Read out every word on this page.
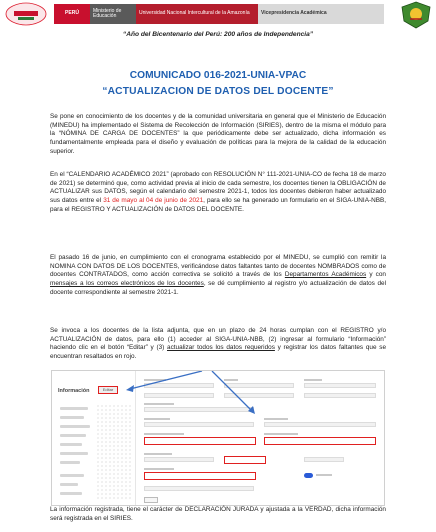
PERÚ	Ministerio de Educación	Universidad Nacional Intercultural de la Amazonía	Vicepresidencia Académica
“Año del Bicentenario del Perú: 200 años de Independencia”
COMUNICADO 016-2021-UNIA-VPAC
“ACTUALIZACION DE DATOS DEL DOCENTE”

Se pone en conocimiento de los docentes y de la comunidad universitaria en general que el Ministerio de Educación (MINEDU) ha implementado el Sistema de Recolección de Información (SIRIES), dentro de la misma el módulo para la “NÓMINA DE CARGA DE DOCENTES” la que periódicamente debe ser actualizado, dicha información es fundamentalmente empleada para el diseño y evaluación de políticas para la mejora de la calidad de la educación superior.

En el “CALENDARIO ACADÉMICO 2021” (aprobado con RESOLUCIÓN N° 111-2021-UNIA-CO de fecha 18 de marzo de 2021) se determinó que, como actividad previa al inicio de cada semestre, los docentes tienen la OBLIGACIÓN de ACTUALIZAR sus DATOS, según el calendario del semestre 2021-1, todos los docentes debieron haber actualizado sus datos entre el 31 de mayo al 04 de junio de 2021, para ello se ha generado un formulario en el SIGA-UNIA-NBB, para el REGISTRO Y ACTUALIZACIÓN de DATOS DEL DOCENTE.

El pasado 16 de junio, en cumplimiento con el cronograma establecido por el MINEDU, se cumplió con remitir la NOMINA CON DATOS DE LOS DOCENTES, verificándose datos faltantes tanto de docentes NOMBRADOS como de docentes CONTRATADOS, como acción correctiva se solicitó a través de los Departamentos Académicos y con mensajes a los correos electrónicos de los docentes, se dé cumplimiento al registro y/o actualización de datos del docente correspondiente al semestre 2021-1.

Se invoca a los docentes de la lista adjunta, que en un plazo de 24 horas cumplan con el REGISTRO y/o ACTUALIZACIÓN de datos, para ello (1) acceder al SIGA-UNIA-NBB, (2) ingresar al formulario “Información” haciendo clic en el botón “Editar” y (3) actualizar todos los datos requeridos y registrar los datos faltantes que se encuentran resaltados en rojo.

Información	Editar

La información registrada, tiene el carácter de DECLARACIÓN JURADA y ajustada a la VERDAD, dicha información será registrada en el SIRIES.
